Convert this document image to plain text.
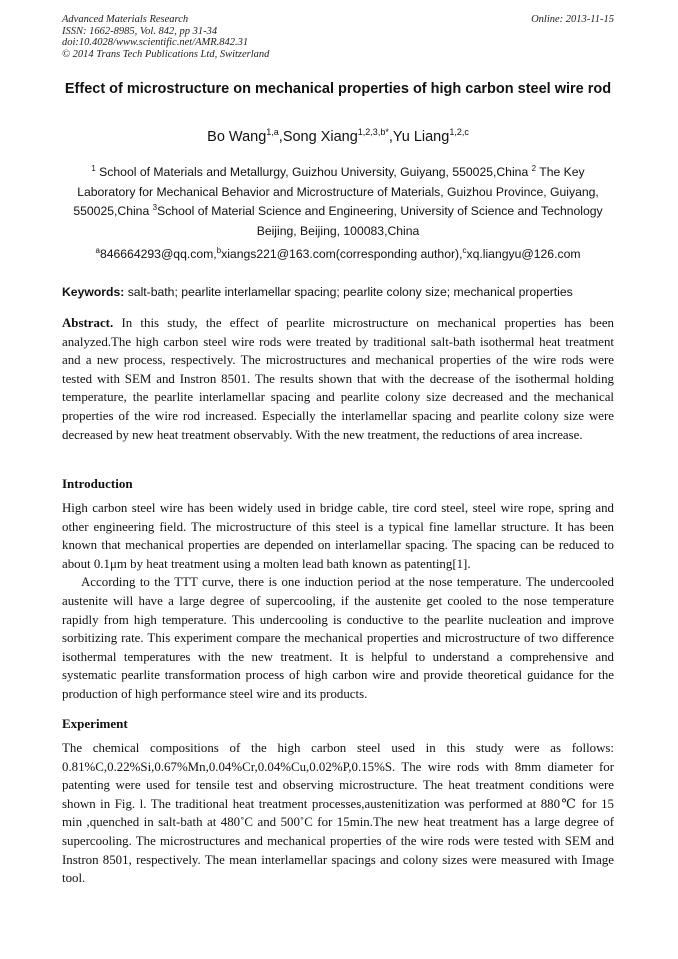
Advanced Materials Research
ISSN: 1662-8985, Vol. 842, pp 31-34
doi:10.4028/www.scientific.net/AMR.842.31
© 2014 Trans Tech Publications Ltd, Switzerland
Online: 2013-11-15
Effect of microstructure on mechanical properties of high carbon steel wire rod
Bo Wang$^{1,a}$,Song Xiang$^{1,2,3,b*}$,Yu Liang$^{1,2,c}$
$^1$ School of Materials and Metallurgy, Guizhou University, Guiyang, 550025,China $^2$ The Key Laboratory for Mechanical Behavior and Microstructure of Materials, Guizhou Province, Guiyang, 550025,China $^3$School of Material Science and Engineering, University of Science and Technology Beijing, Beijing, 100083,China
$^a$846664293@qq.com,$^b$xiangs221@163.com(corresponding author),$^c$xq.liangyu@126.com
Keywords: salt-bath; pearlite interlamellar spacing; pearlite colony size; mechanical properties
Abstract. In this study, the effect of pearlite microstructure on mechanical properties has been analyzed.The high carbon steel wire rods were treated by traditional salt-bath isothermal heat treatment and a new process, respectively. The microstructures and mechanical properties of the wire rods were tested with SEM and Instron 8501. The results shown that with the decrease of the isothermal holding temperature, the pearlite interlamellar spacing and pearlite colony size decreased and the mechanical properties of the wire rod increased. Especially the interlamellar spacing and pearlite colony size were decreased by new heat treatment observably. With the new treatment, the reductions of area increase.
Introduction

High carbon steel wire has been widely used in bridge cable, tire cord steel, steel wire rope, spring and other engineering field. The microstructure of this steel is a typical fine lamellar structure. It has been known that mechanical properties are depended on interlamellar spacing. The spacing can be reduced to about 0.1μm by heat treatment using a molten lead bath known as patenting[1].

According to the TTT curve, there is one induction period at the nose temperature. The undercooled austenite will have a large degree of supercooling, if the austenite get cooled to the nose temperature rapidly from high temperature. This undercooling is conductive to the pearlite nucleation and improve sorbitizing rate. This experiment compare the mechanical properties and microstructure of two difference isothermal temperatures with the new treatment. It is helpful to understand a comprehensive and systematic pearlite transformation process of high carbon wire and provide theoretical guidance for the production of high performance steel wire and its products.

Experiment

The chemical compositions of the high carbon steel used in this study were as follows: 0.81%C,0.22%Si,0.67%Mn,0.04%Cr,0.04%Cu,0.02%P,0.15%S. The wire rods with 8mm diameter for patenting were used for tensile test and observing microstructure. The heat treatment conditions were shown in Fig. l. The traditional heat treatment processes,austenitization was performed at 880℃ for 15 min ,quenched in salt-bath at 480˚C and 500˚C for 15min.The new heat treatment has a large degree of supercooling. The microstructures and mechanical properties of the wire rods were tested with SEM and Instron 8501, respectively. The mean interlamellar spacings and colony sizes were measured with Image tool.
